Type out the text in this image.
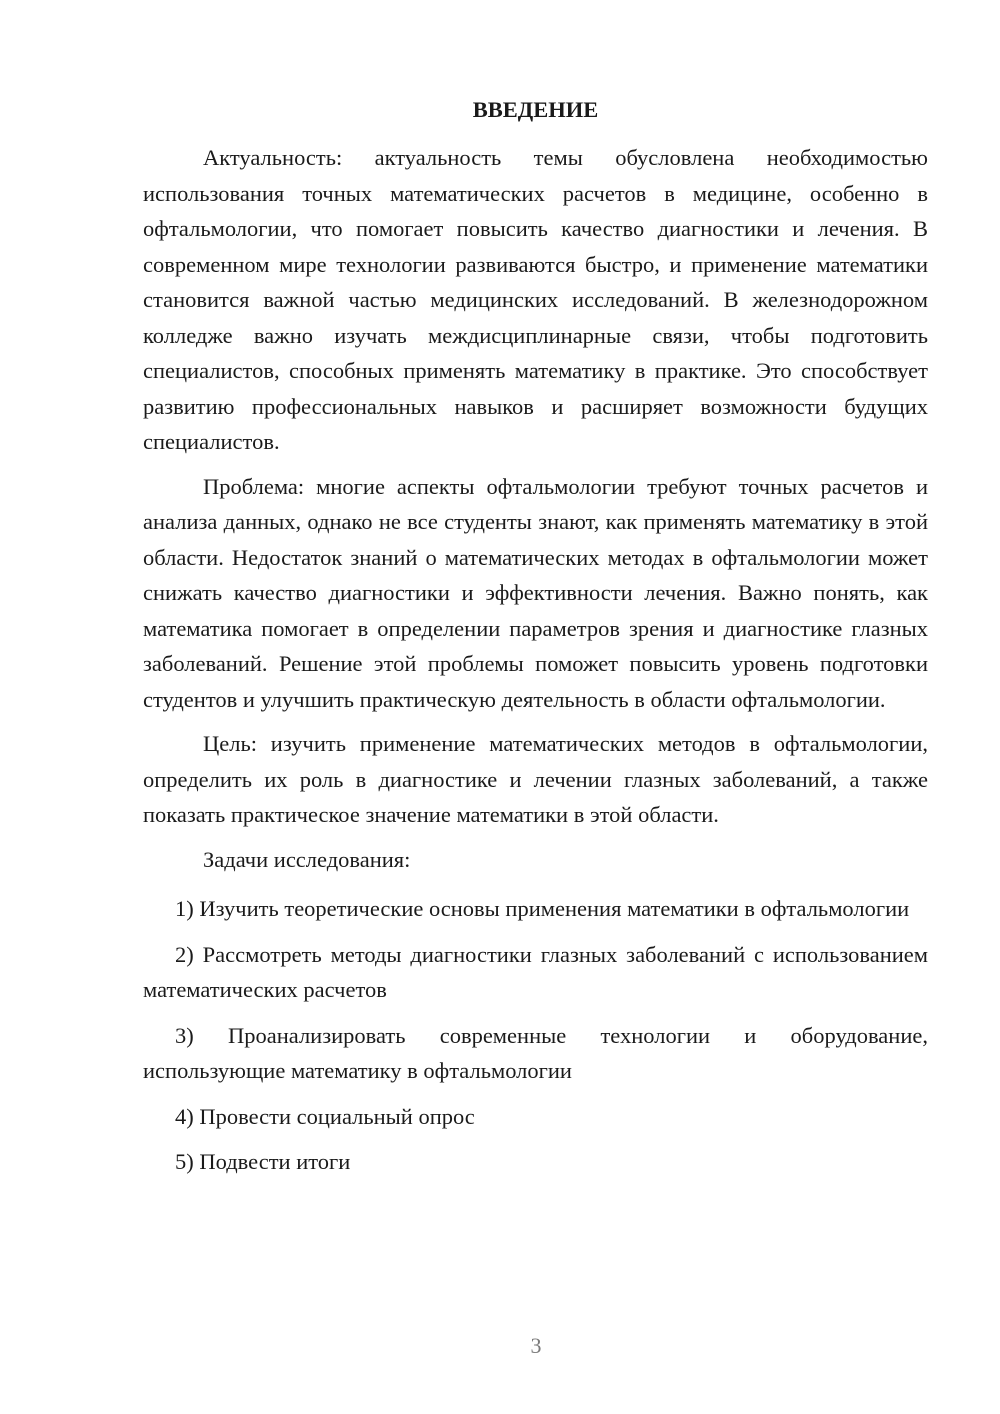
ВВЕДЕНИЕ

Актуальность: актуальность темы обусловлена необходимостью использования точных математических расчетов в медицине, особенно в офтальмологии, что помогает повысить качество диагностики и лечения. В современном мире технологии развиваются быстро, и применение математики становится важной частью медицинских исследований. В железнодорожном колледже важно изучать междисциплинарные связи, чтобы подготовить специалистов, способных применять математику в практике. Это способствует развитию профессиональных навыков и расширяет возможности будущих специалистов.

Проблема: многие аспекты офтальмологии требуют точных расчетов и анализа данных, однако не все студенты знают, как применять математику в этой области. Недостаток знаний о математических методах в офтальмологии может снижать качество диагностики и эффективности лечения. Важно понять, как математика помогает в определении параметров зрения и диагностике глазных заболеваний. Решение этой проблемы поможет повысить уровень подготовки студентов и улучшить практическую деятельность в области офтальмологии.

Цель: изучить применение математических методов в офтальмологии, определить их роль в диагностике и лечении глазных заболеваний, а также показать практическое значение математики в этой области.

Задачи исследования:

1) Изучить теоретические основы применения математики в офтальмологии

2) Рассмотреть методы диагностики глазных заболеваний с использованием математических расчетов

3) Проанализировать современные технологии и оборудование, использующие математику в офтальмологии

4) Провести социальный опрос

5) Подвести итоги

3
